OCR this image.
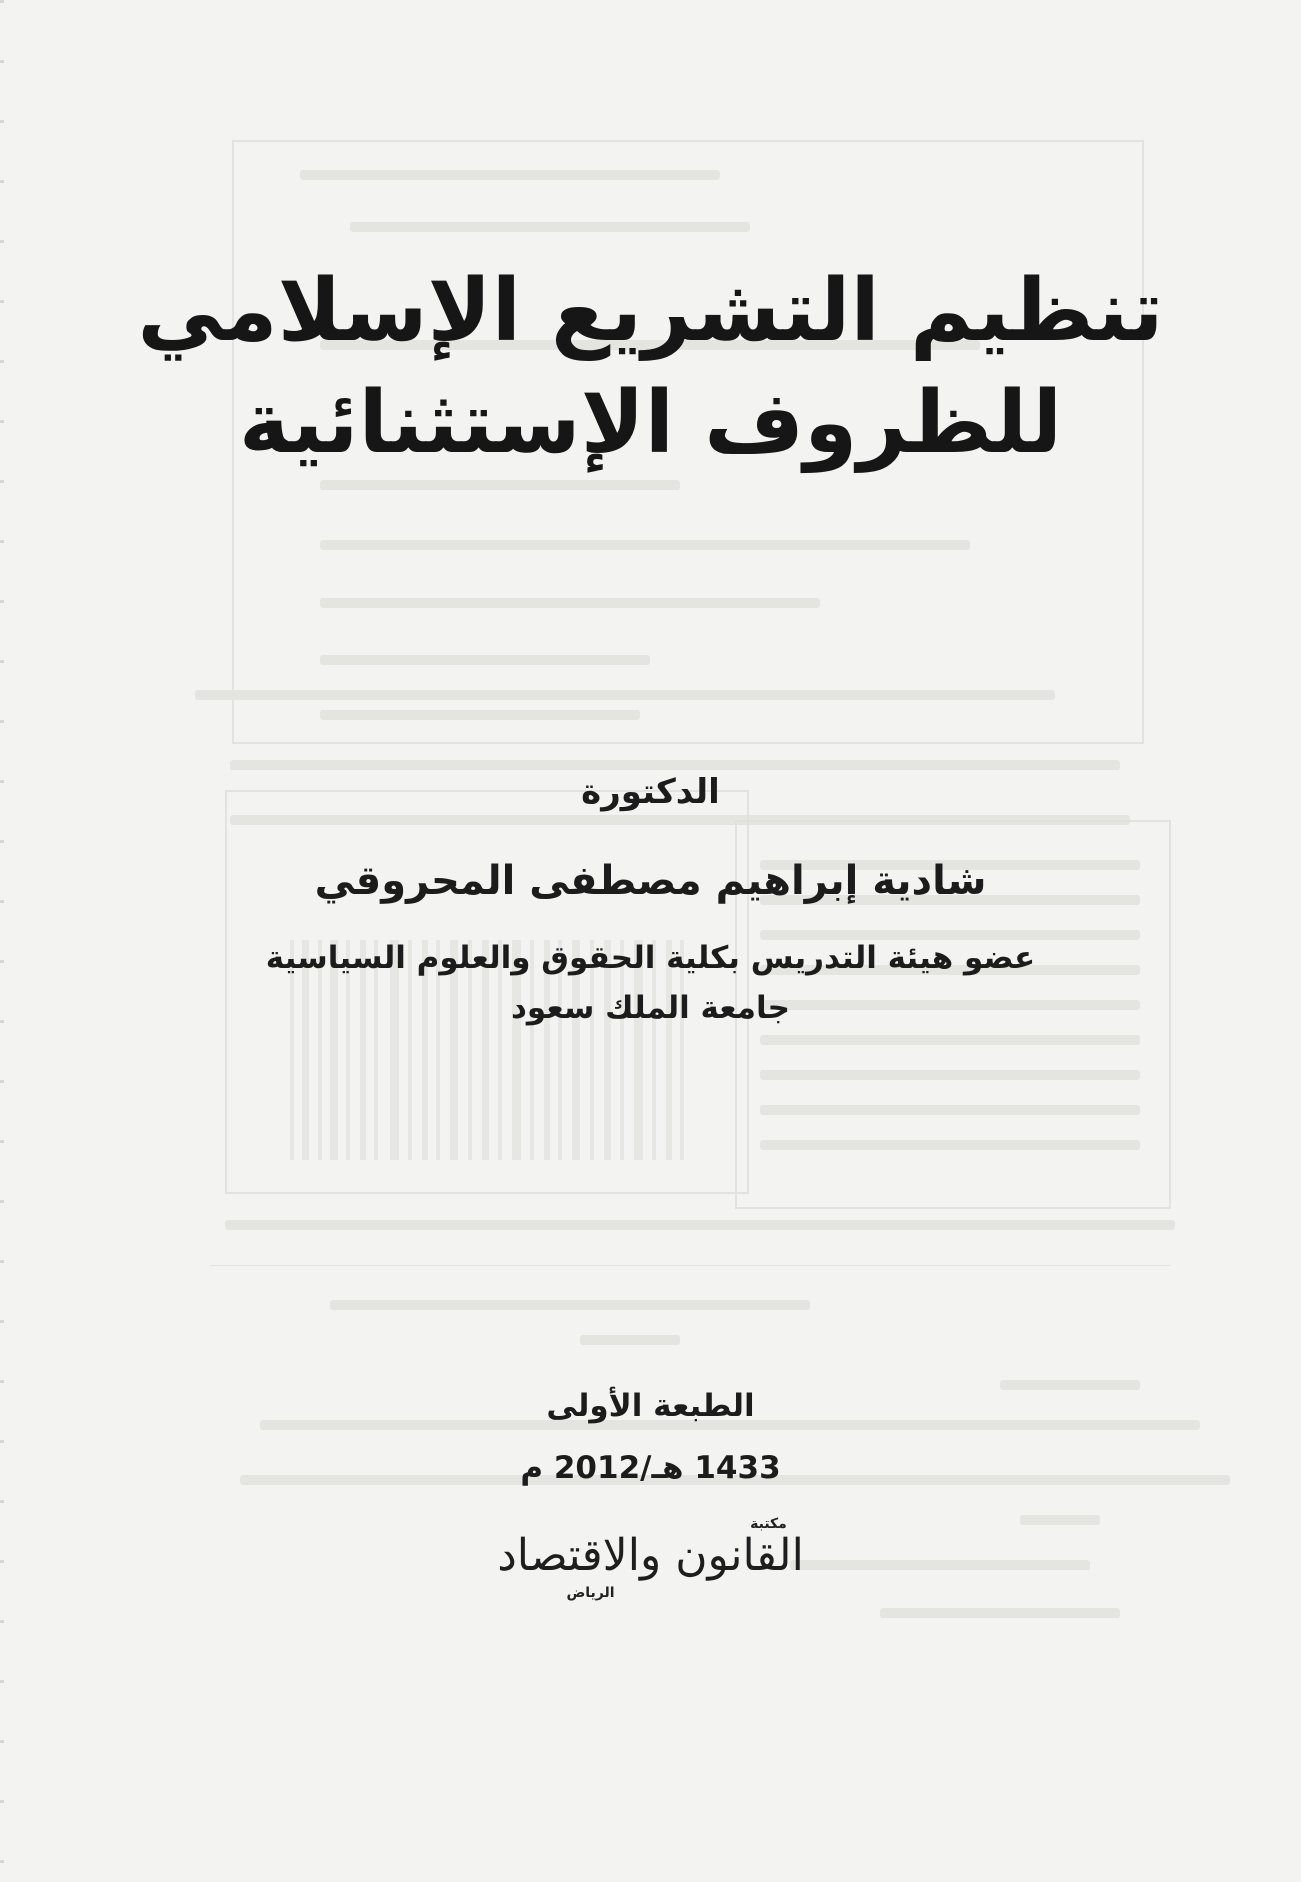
تنظيم التشريع الإسلامي
للظروف الإستثنائية
الدكتورة
شادية إبراهيم مصطفى المحروقي
عضو هيئة التدريس بكلية الحقوق والعلوم السياسية
جامعة الملك سعود
الطبعة الأولى
1433 هـ/2012 م
مكتبة
القانون والاقتصاد
الرياض
